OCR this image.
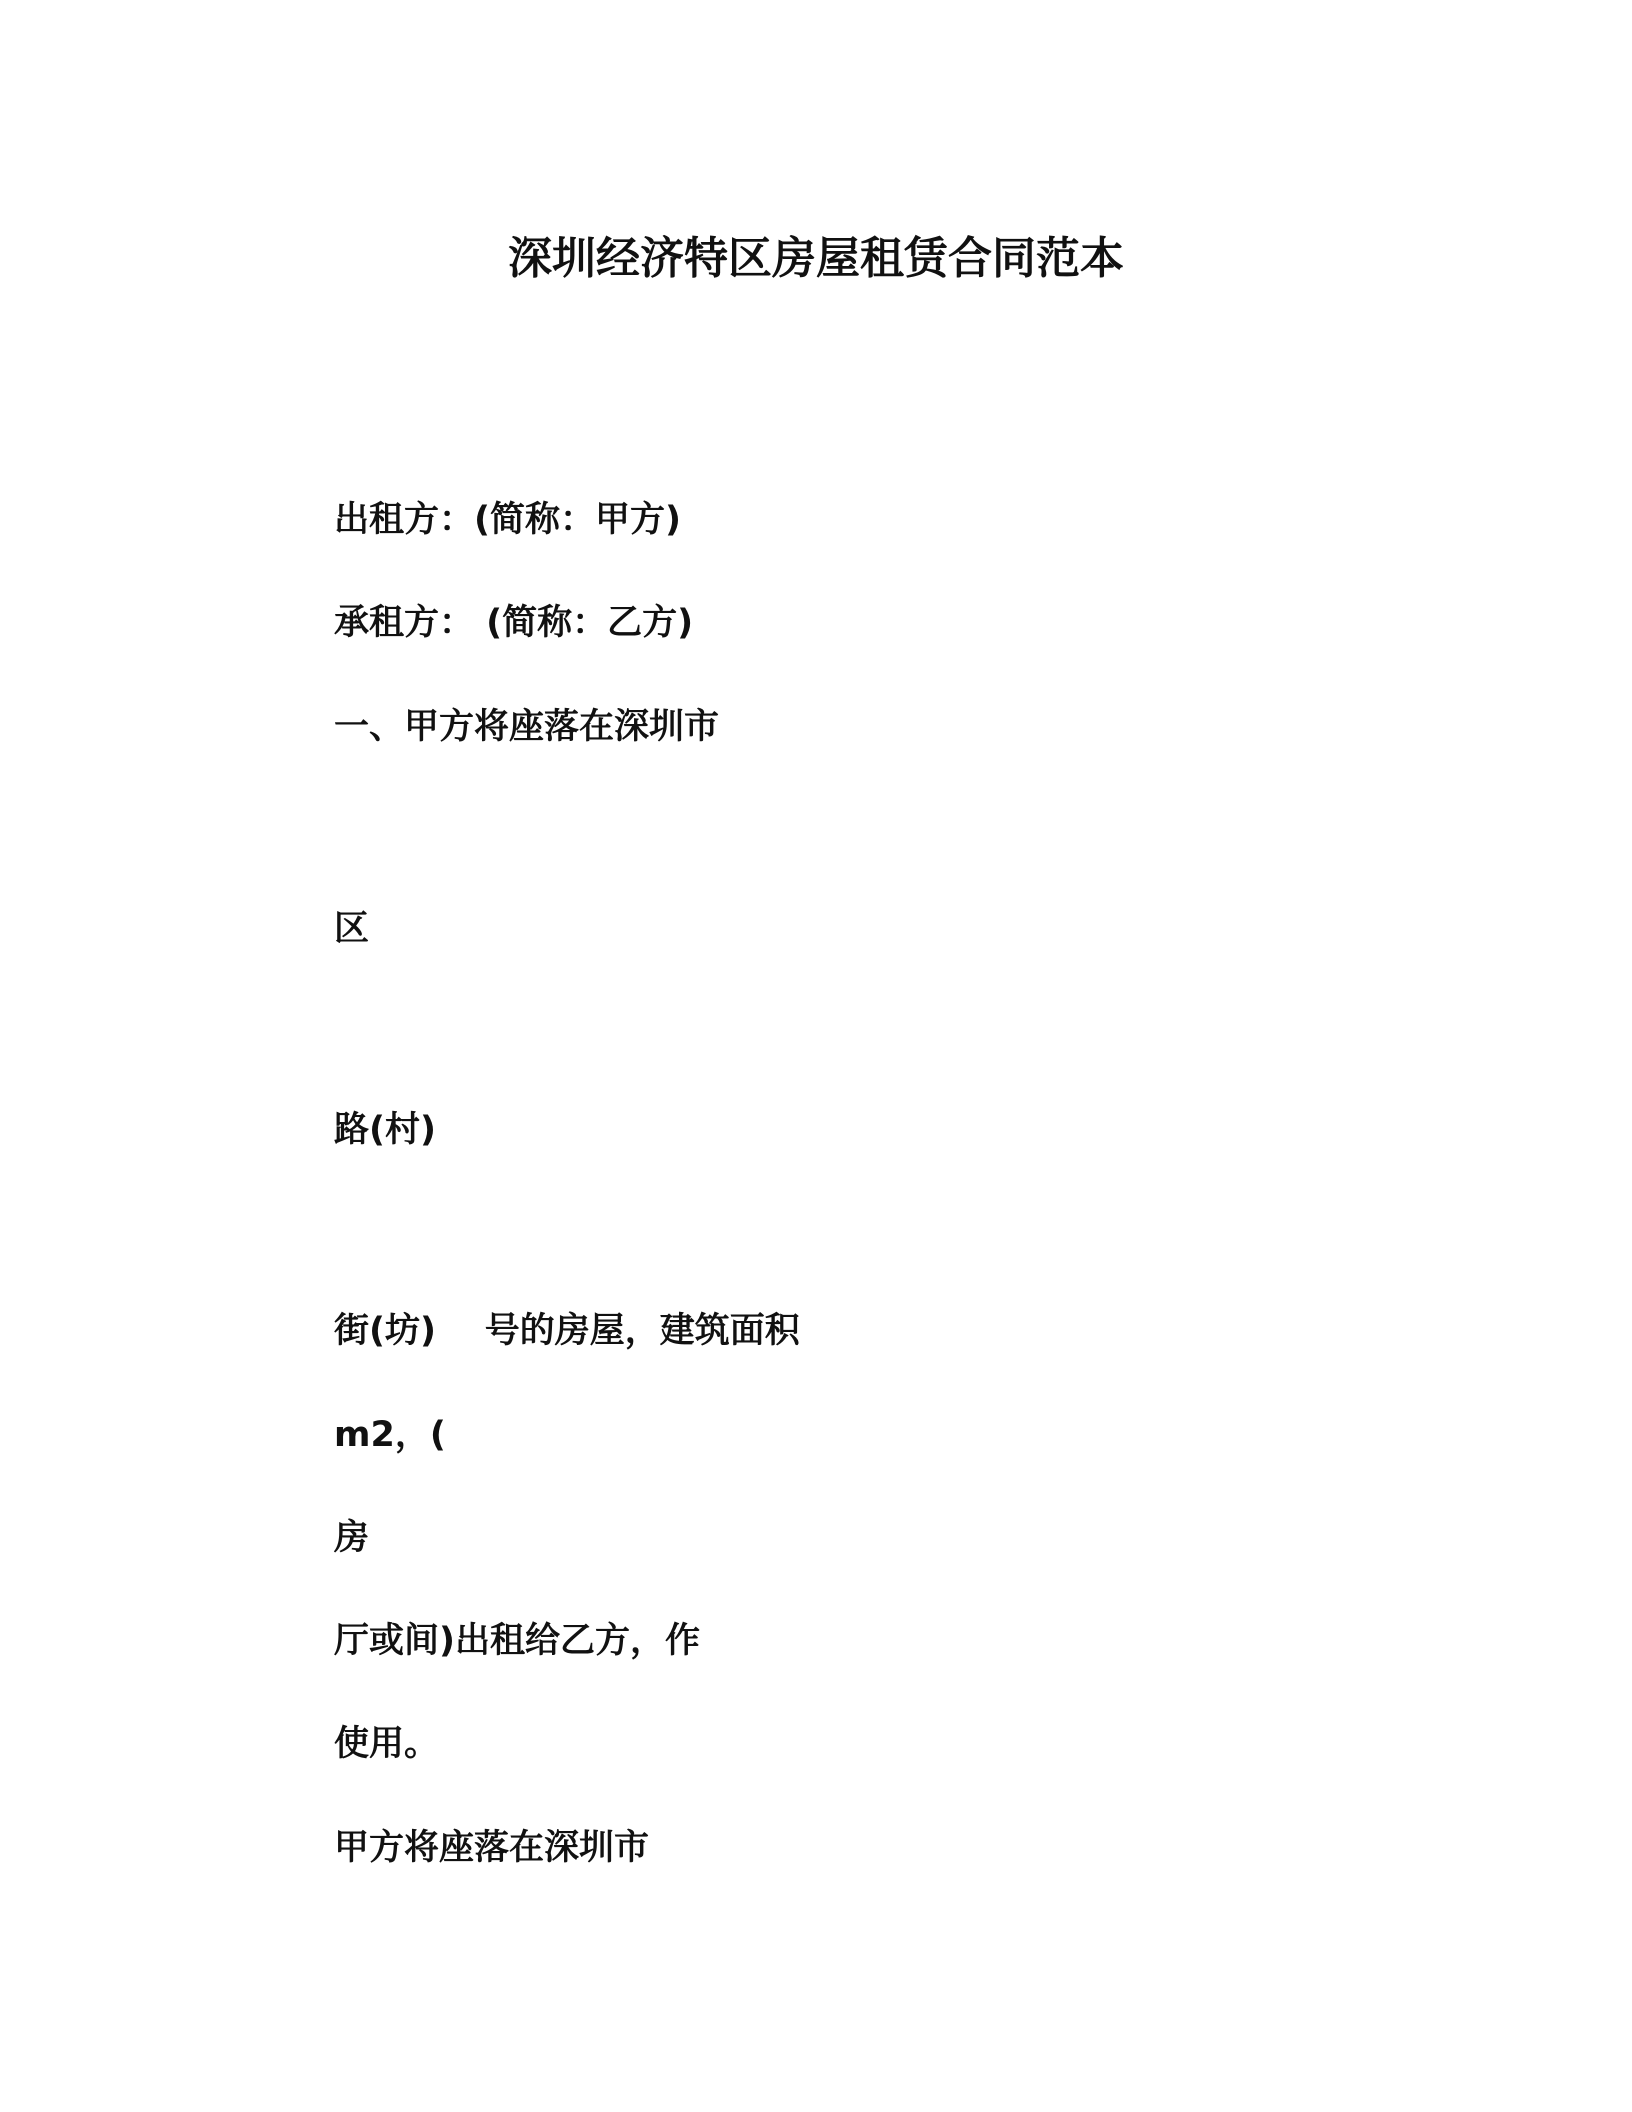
深圳经济特区房屋租赁合同范本
出租方：(简称：甲方)
承租方： (简称：乙方)
一、甲方将座落在深圳市
区
路(村)
街(坊)    号的房屋，建筑面积
m2，(
房
厅或间)出租给乙方，作
使用。
甲方将座落在深圳市
